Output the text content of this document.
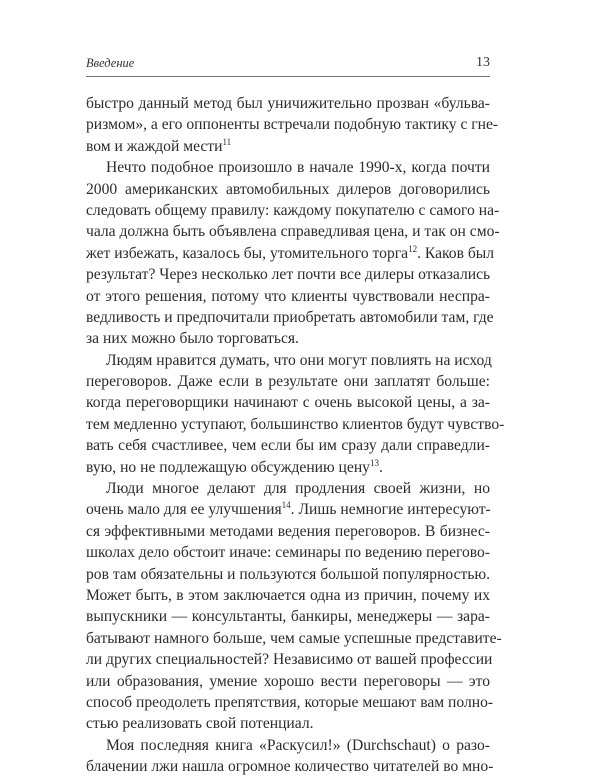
Введение	13
быстро данный метод был уничижительно прозван «бульва-
ризмом», а его оппоненты встречали подобную тактику с гне-
вом и жаждой мести$^{11}$
Нечто подобное произошло в начале 1990-х, когда почти
2000 американских автомобильных дилеров договорились
следовать общему правилу: каждому покупателю с самого на-
чала должна быть объявлена справедливая цена, и так он смо-
жет избежать, казалось бы, утомительного торга$^{12}$. Каков был
результат? Через несколько лет почти все дилеры отказались
от этого решения, потому что клиенты чувствовали неспра-
ведливость и предпочитали приобретать автомобили там, где
за них можно было торговаться.
Людям нравится думать, что они могут повлиять на исход
переговоров. Даже если в результате они заплатят больше:
когда переговорщики начинают с очень высокой цены, а за-
тем медленно уступают, большинство клиентов будут чувство-
вать себя счастливее, чем если бы им сразу дали справедли-
вую, но не подлежащую обсуждению цену$^{13}$.
Люди многое делают для продления своей жизни, но
очень мало для ее улучшения$^{14}$. Лишь немногие интересуют-
ся эффективными методами ведения переговоров. В бизнес-
школах дело обстоит иначе: семинары по ведению перегово-
ров там обязательны и пользуются большой популярностью.
Может быть, в этом заключается одна из причин, почему их
выпускники — консультанты, банкиры, менеджеры — зара-
батывают намного больше, чем самые успешные представите-
ли других специальностей? Независимо от вашей профессии
или образования, умение хорошо вести переговоры — это
способ преодолеть препятствия, которые мешают вам полно-
стью реализовать свой потенциал.
Моя последняя книга «Раскусил!» (Durchschaut) о разо-
блачении лжи нашла огромное количество читателей во мно-
